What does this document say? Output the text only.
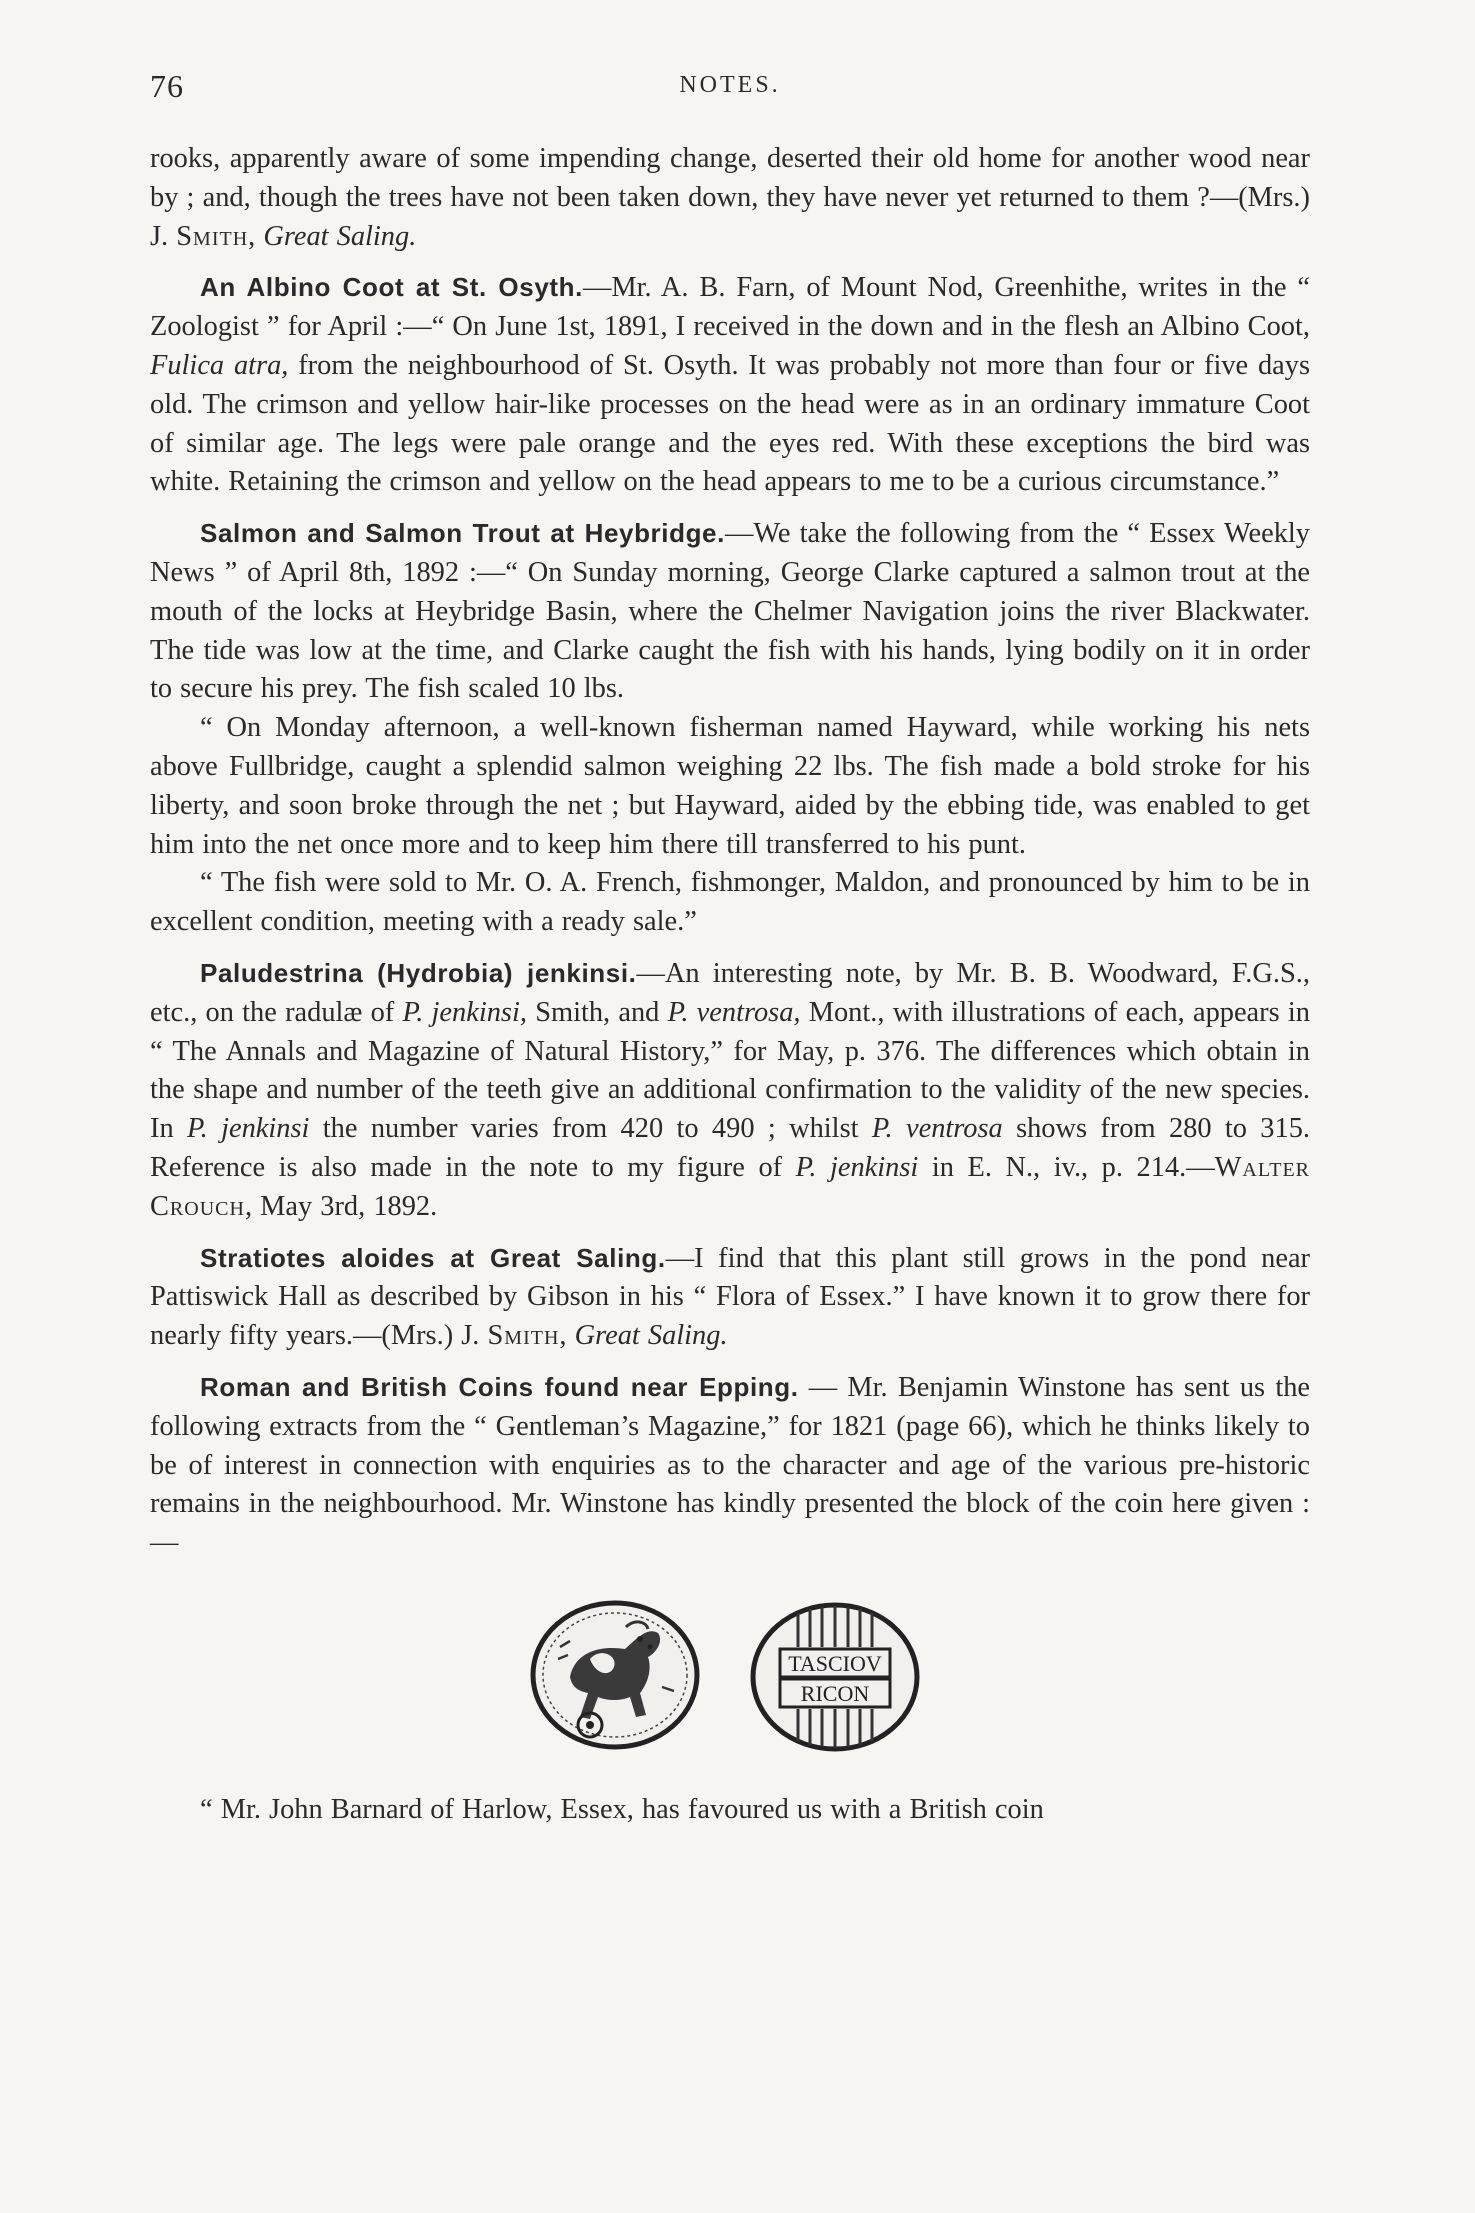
76	NOTES.

rooks, apparently aware of some impending change, deserted their old home for another wood near by ; and, though the trees have not been taken down, they have never yet returned to them ?—(Mrs.) J. Smith, Great Saling.

An Albino Coot at St. Osyth.—Mr. A. B. Farn, of Mount Nod, Greenhithe, writes in the “ Zoologist ” for April :—“ On June 1st, 1891, I received in the down and in the flesh an Albino Coot, Fulica atra, from the neighbourhood of St. Osyth. It was probably not more than four or five days old. The crimson and yellow hair-like processes on the head were as in an ordinary immature Coot of similar age. The legs were pale orange and the eyes red. With these exceptions the bird was white. Retaining the crimson and yellow on the head appears to me to be a curious circumstance.”

Salmon and Salmon Trout at Heybridge.—We take the following from the “ Essex Weekly News ” of April 8th, 1892 :—“ On Sunday morning, George Clarke captured a salmon trout at the mouth of the locks at Heybridge Basin, where the Chelmer Navigation joins the river Blackwater. The tide was low at the time, and Clarke caught the fish with his hands, lying bodily on it in order to secure his prey. The fish scaled 10 lbs.

“ On Monday afternoon, a well-known fisherman named Hayward, while working his nets above Fullbridge, caught a splendid salmon weighing 22 lbs. The fish made a bold stroke for his liberty, and soon broke through the net ; but Hayward, aided by the ebbing tide, was enabled to get him into the net once more and to keep him there till transferred to his punt.

“ The fish were sold to Mr. O. A. French, fishmonger, Maldon, and pronounced by him to be in excellent condition, meeting with a ready sale.”

Paludestrina (Hydrobia) jenkinsi.—An interesting note, by Mr. B. B. Woodward, F.G.S., etc., on the radulæ of P. jenkinsi, Smith, and P. ventrosa, Mont., with illustrations of each, appears in “ The Annals and Magazine of Natural History,” for May, p. 376. The differences which obtain in the shape and number of the teeth give an additional confirmation to the validity of the new species. In P. jenkinsi the number varies from 420 to 490 ; whilst P. ventrosa shows from 280 to 315. Reference is also made in the note to my figure of P. jenkinsi in E. N., iv., p. 214.—Walter Crouch, May 3rd, 1892.

Stratiotes aloides at Great Saling.—I find that this plant still grows in the pond near Pattiswick Hall as described by Gibson in his “ Flora of Essex.” I have known it to grow there for nearly fifty years.—(Mrs.) J. Smith, Great Saling.

Roman and British Coins found near Epping. — Mr. Benjamin Winstone has sent us the following extracts from the “ Gentleman’s Magazine,” for 1821 (page 66), which he thinks likely to be of interest in connection with enquiries as to the character and age of the various pre-historic remains in the neighbourhood. Mr. Winstone has kindly presented the block of the coin here given :—

TASCIOV
RICON

“ Mr. John Barnard of Harlow, Essex, has favoured us with a British coin
